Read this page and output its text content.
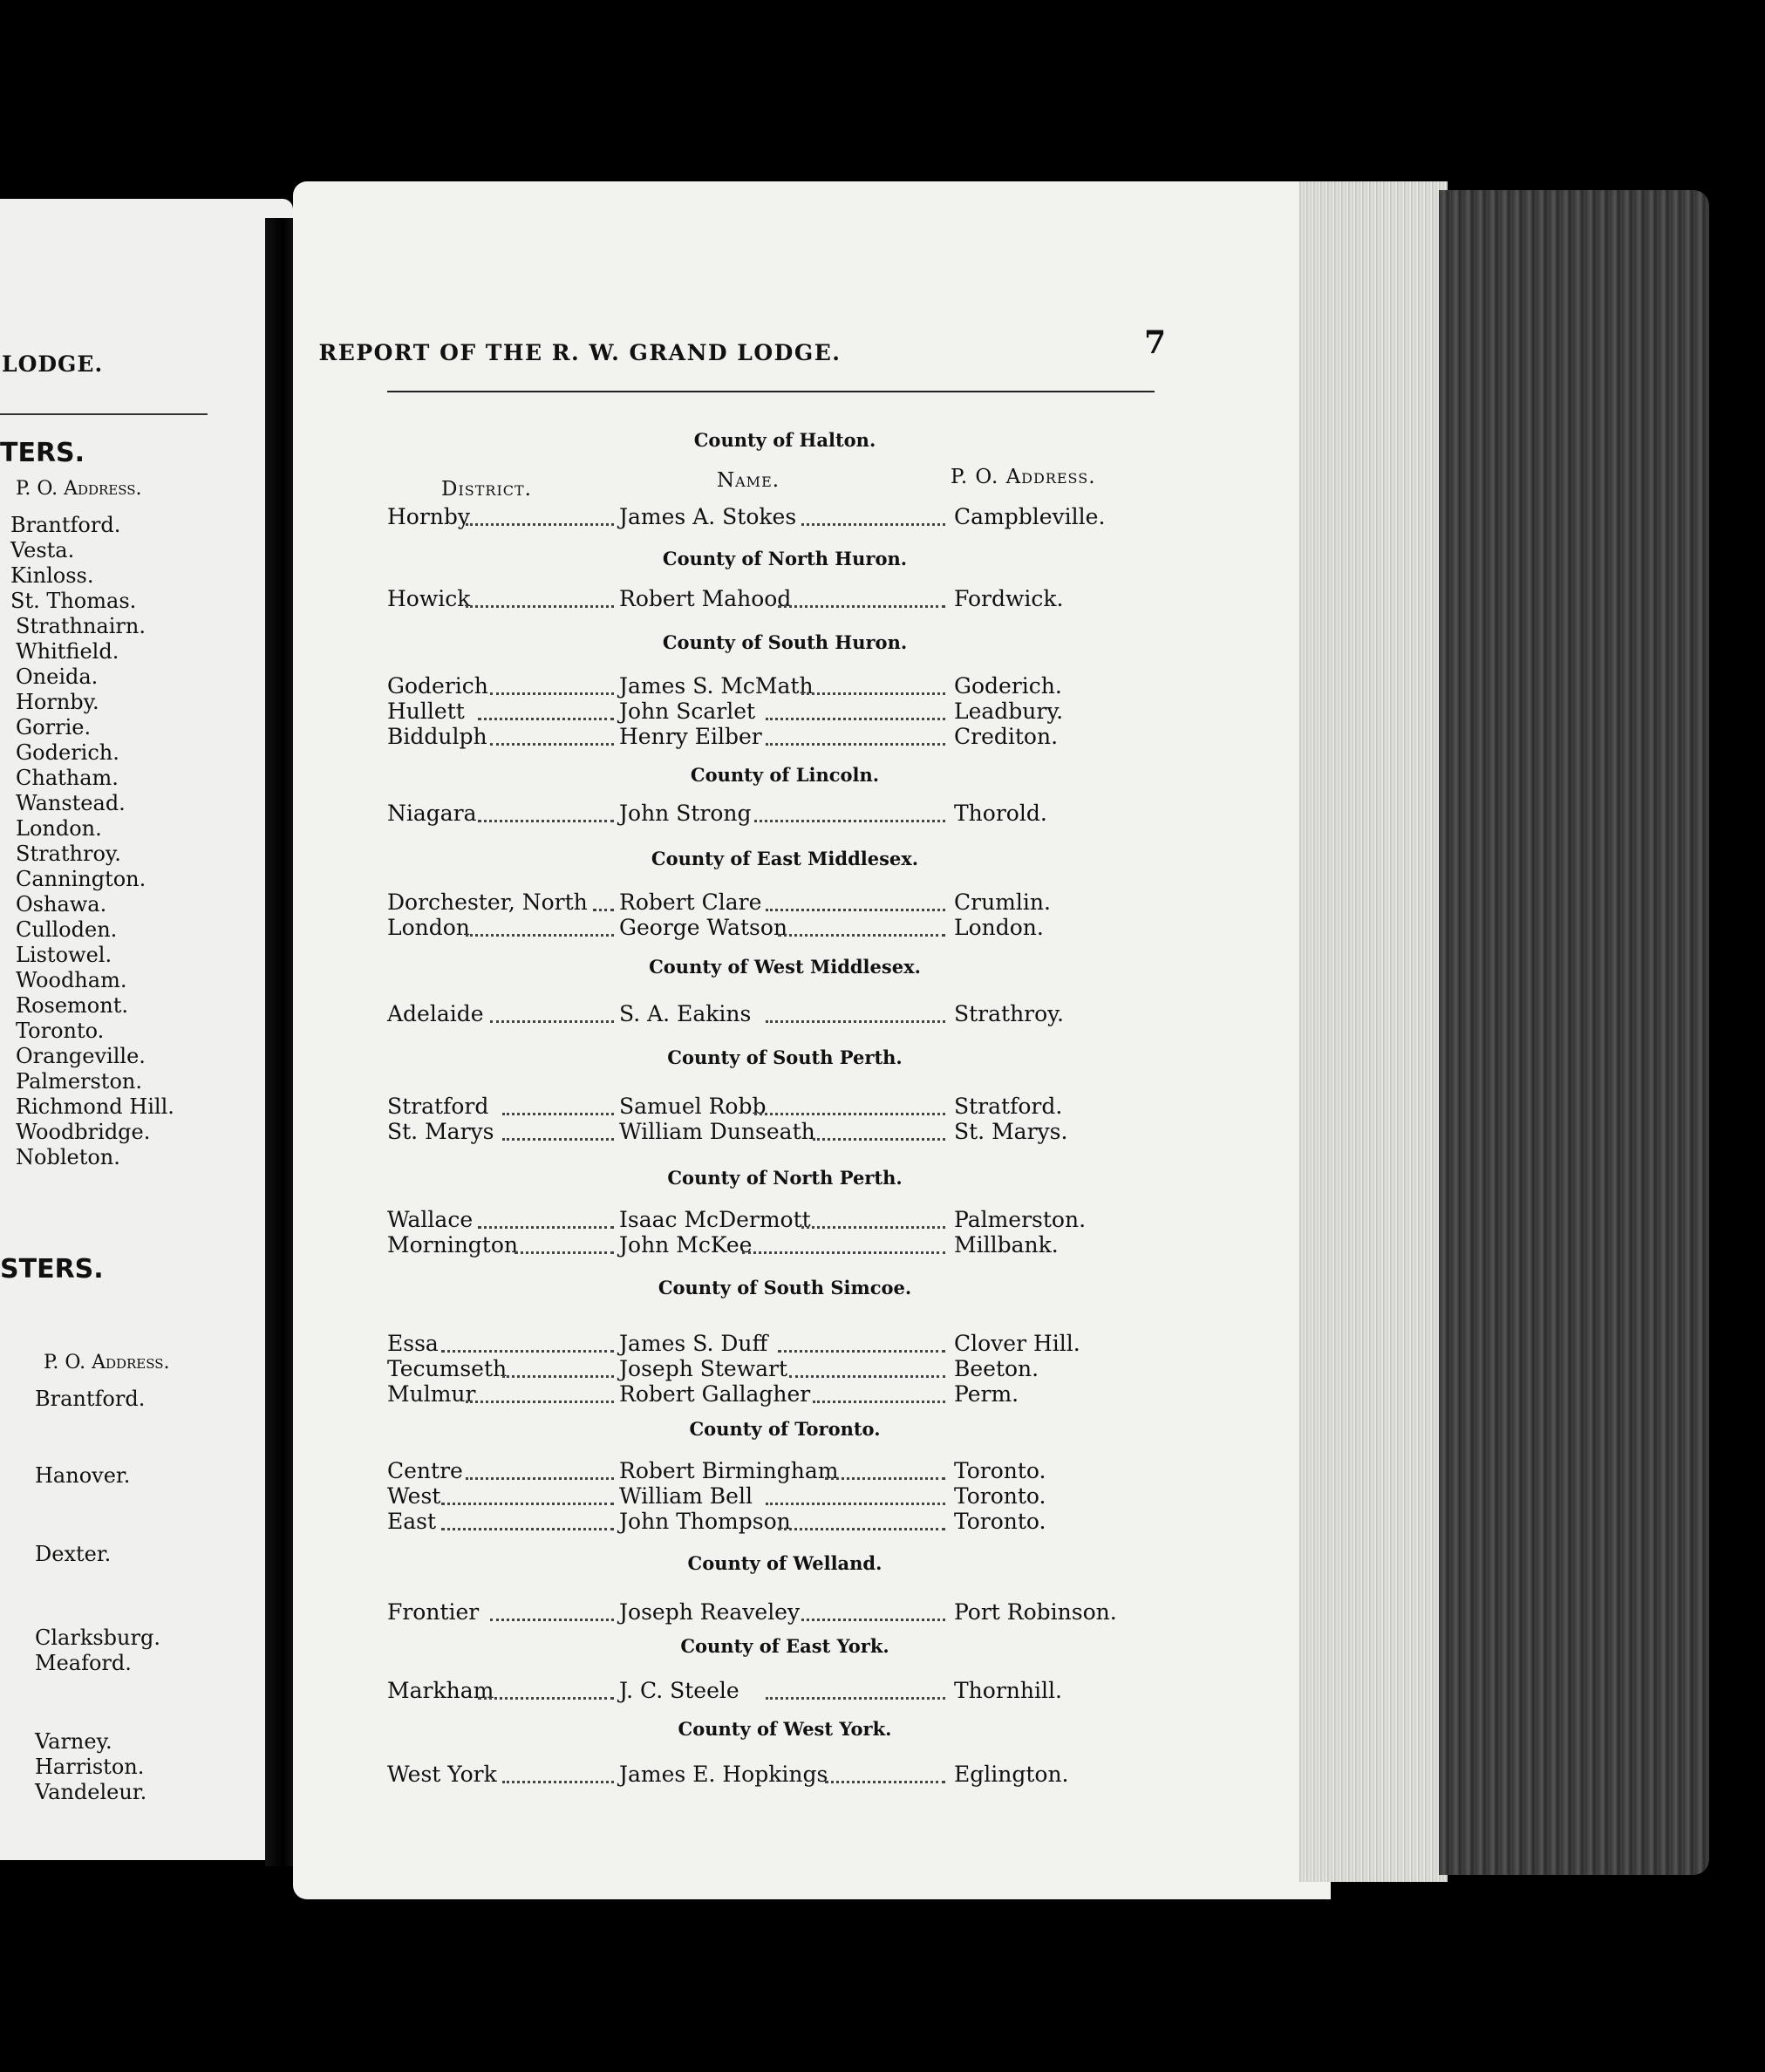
LODGE.
TERS.
P. O. Address.
Brantford.
Vesta.
Kinloss.
St. Thomas.
Strathnairn.
Whitfield.
Oneida.
Hornby.
Gorrie.
Goderich.
Chatham.
Wanstead.
London.
Strathroy.
Cannington.
Oshawa.
Culloden.
Listowel.
Woodham.
Rosemont.
Toronto.
Orangeville.
Palmerston.
Richmond Hill.
Woodbridge.
Nobleton.
STERS.
P. O. Address.
Brantford.
Hanover.
Dexter.
Clarksburg.
Meaford.
Varney.
Harriston.
Vandeleur.
REPORT OF THE R. W. GRAND LODGE.	7
District.	Name.	P. O. Address.
County of Halton.
Hornby	James A. Stokes	Campbleville.
County of North Huron.
Howick	Robert Mahood	Fordwick.
County of South Huron.
Goderich	James S. McMath	Goderich.
Hullett	John Scarlet	Leadbury.
Biddulph	Henry Eilber	Crediton.
County of Lincoln.
Niagara	John Strong	Thorold.
County of East Middlesex.
Dorchester, North Robert Clare	Crumlin.
London	George Watson	London.
County of West Middlesex.
Adelaide	S. A. Eakins	Strathroy.
County of South Perth.
Stratford	Samuel Robb	Stratford.
St. Marys	William Dunseath	St. Marys.
County of North Perth.
Wallace	Isaac McDermott	Palmerston.
Mornington	John McKee	Millbank.
County of South Simcoe.
Essa	James S. Duff	Clover Hill.
Tecumseth	Joseph Stewart	Beeton.
Mulmur	Robert Gallagher	Perm.
County of Toronto.
Centre	Robert Birmingham	Toronto.
West	William Bell	Toronto.
East	John Thompson	Toronto.
County of Welland.
Frontier	Joseph Reaveley	Port Robinson.
County of East York.
Markham	J. C. Steele	Thornhill.
County of West York.
West York	James E. Hopkings	Eglington.
